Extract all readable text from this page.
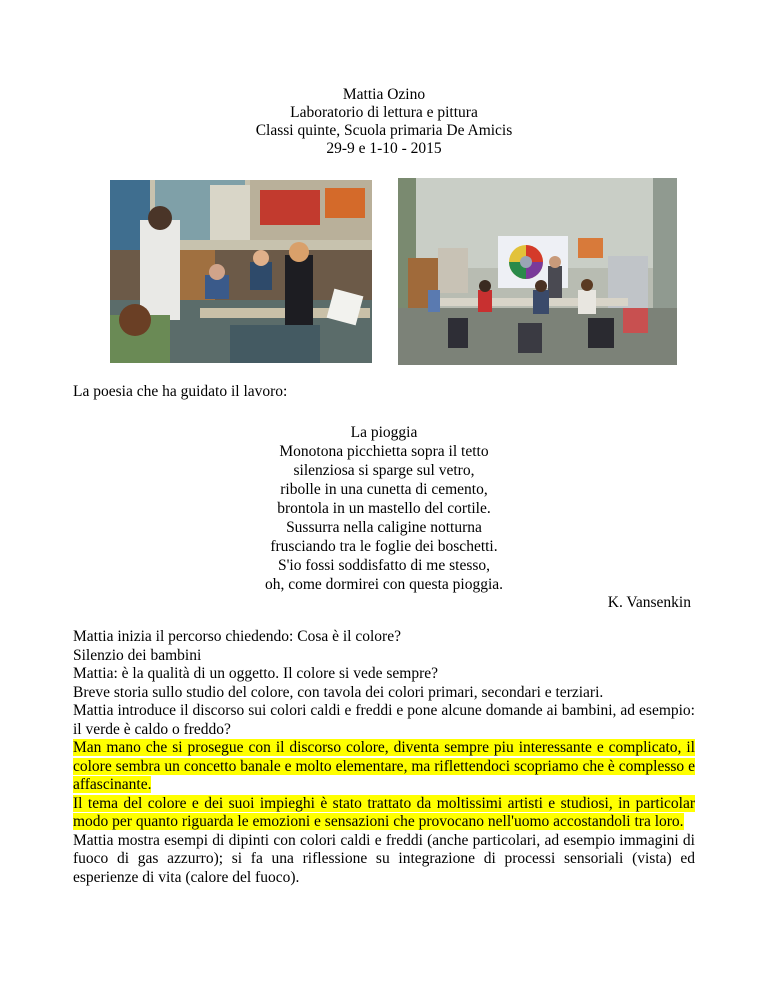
Mattia Ozino
Laboratorio di lettura e pittura
Classi quinte, Scuola primaria De Amicis
29-9 e 1-10 - 2015
La poesia che ha guidato il lavoro:
La pioggia
Monotona picchietta sopra il tetto
silenziosa si sparge sul vetro,
ribolle in una cunetta di cemento,
brontola in un mastello del cortile.
Sussurra nella caligine notturna
frusciando tra le foglie dei boschetti.
S'io fossi soddisfatto di me stesso,
oh, come dormirei con questa pioggia.
K. Vansenkin
Mattia inizia il percorso chiedendo: Cosa è il colore?
Silenzio dei bambini
Mattia: è la qualità di un oggetto. Il colore si vede sempre?
Breve storia sullo studio del colore, con tavola dei colori primari, secondari e terziari.
Mattia introduce il discorso sui colori caldi e freddi e pone alcune domande ai bambini, ad esempio: il verde è caldo o freddo?
Man mano che si prosegue con il discorso colore, diventa sempre piu interessante e complicato, il colore sembra un concetto banale e molto elementare, ma riflettendoci scopriamo che è complesso e affascinante.
Il tema del colore e dei suoi impieghi è stato trattato da moltissimi artisti e studiosi, in particolar modo per quanto riguarda le emozioni e sensazioni che provocano nell'uomo accostandoli tra loro.
Mattia mostra esempi di dipinti con colori caldi e freddi (anche particolari, ad esempio immagini di fuoco di gas azzurro); si fa una riflessione su integrazione di processi sensoriali (vista) ed esperienze di vita (calore del fuoco).
